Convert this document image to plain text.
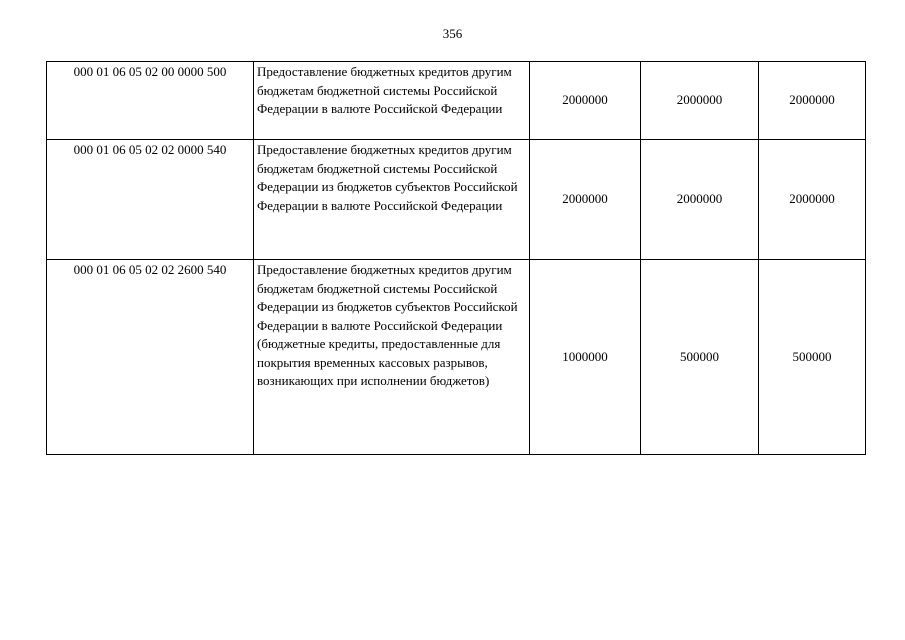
356
000 01 06 05 02 00 0000 500	Предоставление бюджетных кредитов другим бюджетам бюджетной системы Российской Федерации в валюте Российской Федерации	2000000	2000000	2000000
000 01 06 05 02 02 0000 540	Предоставление бюджетных кредитов другим бюджетам бюджетной системы Российской Федерации из бюджетов субъектов Российской Федерации в валюте Российской Федерации	2000000	2000000	2000000
000 01 06 05 02 02 2600 540	Предоставление бюджетных кредитов другим бюджетам бюджетной системы Российской Федерации из бюджетов субъектов Российской Федерации в валюте Российской Федерации (бюджетные кредиты, предоставленные для покрытия временных кассовых разрывов, возникающих при исполнении бюджетов)	1000000	500000	500000
